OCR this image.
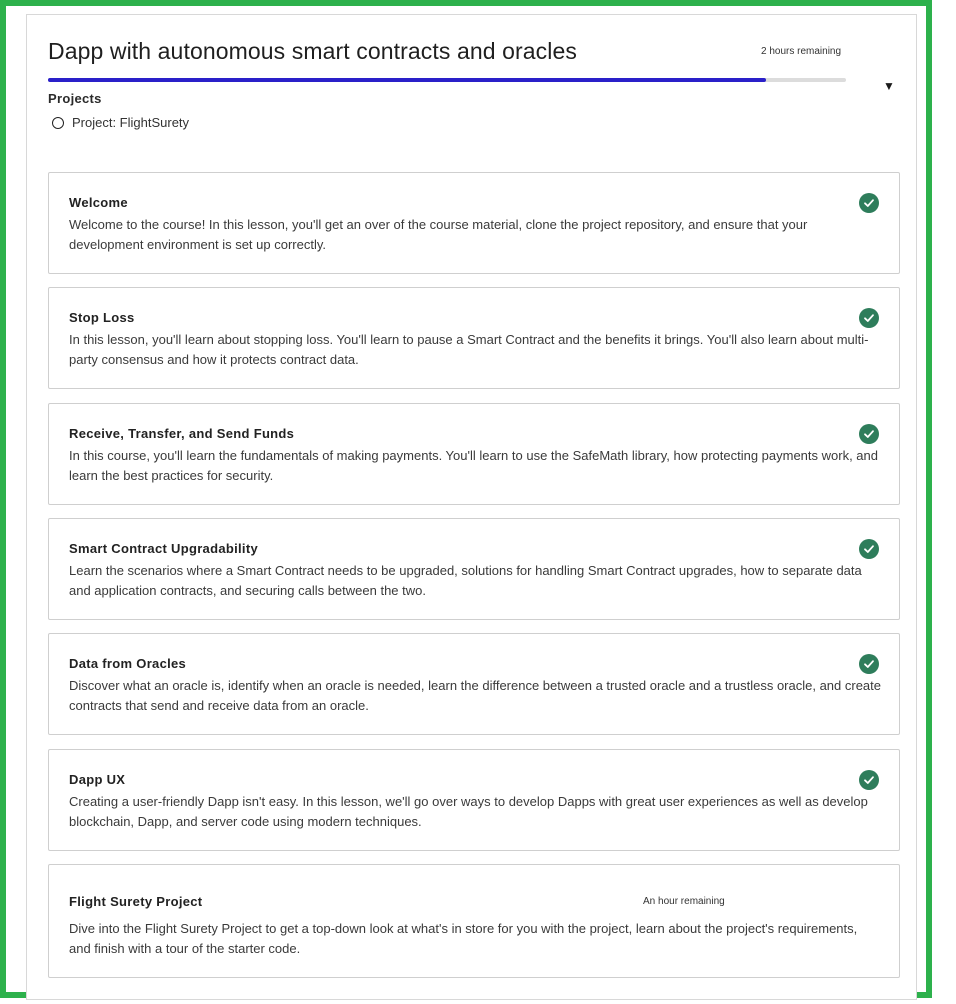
Dapp with autonomous smart contracts and oracles	2 hours remaining
▼
Projects
Project: FlightSurety
Welcome
Welcome to the course! In this lesson, you'll get an over of the course material, clone the project repository, and ensure that your development environment is set up correctly.
Stop Loss
In this lesson, you'll learn about stopping loss. You'll learn to pause a Smart Contract and the benefits it brings. You'll also learn about multi-party consensus and how it protects contract data.
Receive, Transfer, and Send Funds
In this course, you'll learn the fundamentals of making payments. You'll learn to use the SafeMath library, how protecting payments work, and learn the best practices for security.
Smart Contract Upgradability
Learn the scenarios where a Smart Contract needs to be upgraded, solutions for handling Smart Contract upgrades, how to separate data and application contracts, and securing calls between the two.
Data from Oracles
Discover what an oracle is, identify when an oracle is needed, learn the difference between a trusted oracle and a trustless oracle, and create contracts that send and receive data from an oracle.
Dapp UX
Creating a user-friendly Dapp isn't easy. In this lesson, we'll go over ways to develop Dapps with great user experiences as well as develop blockchain, Dapp, and server code using modern techniques.
Flight Surety Project	An hour remaining
Dive into the Flight Surety Project to get a top-down look at what's in store for you with the project, learn about the project's requirements, and finish with a tour of the starter code.
